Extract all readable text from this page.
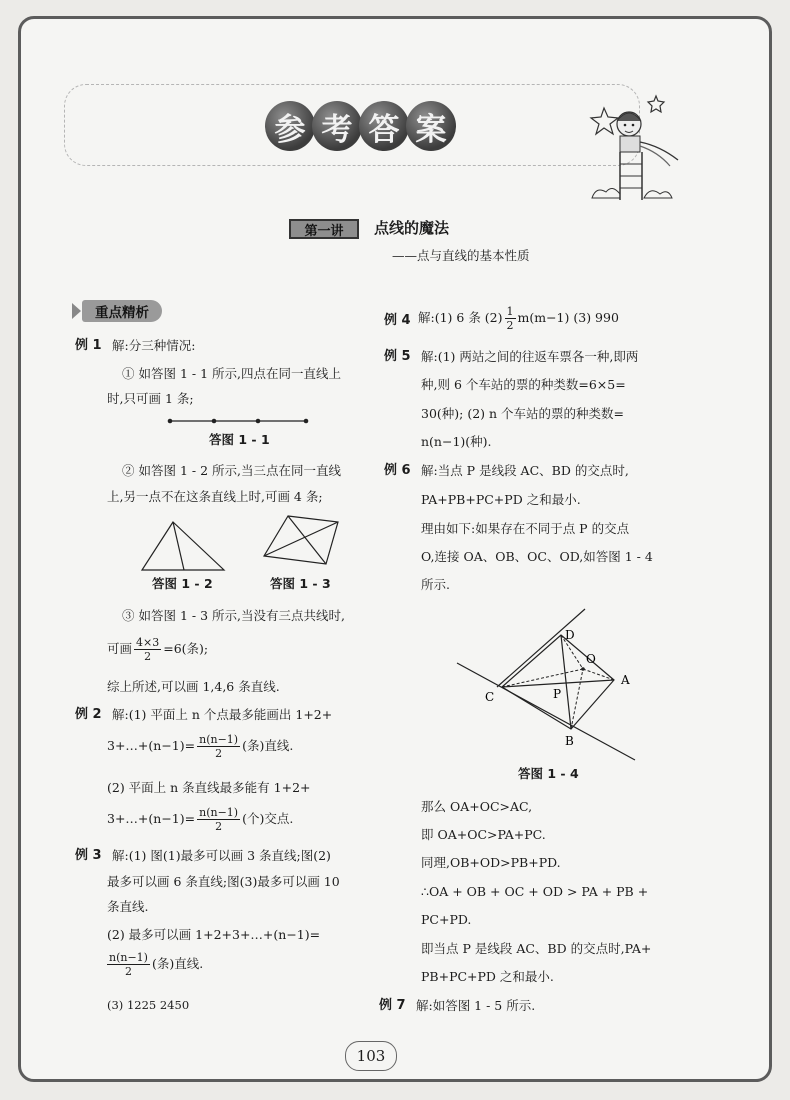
参 考 答 案
第一讲	点线的魔法
——点与直线的基本性质
重点精析
例 1 解:分三种情况:
① 如答图 1 - 1 所示,四点在同一直线上
时,只可画 1 条;
答图 1 - 1
② 如答图 1 - 2 所示,当三点在同一直线
上,另一点不在这条直线上时,可画 4 条;
答图 1 - 2	答图 1 - 3
③ 如答图 1 - 3 所示,当没有三点共线时,
可画 $\frac{4\times 3}{2} =6$(条);
综上所述,可以画 1,4,6 条直线.
例 2 解:(1) 平面上 n 个点最多能画出 1+2+
3+…+(n−1)= $\frac{n(n-1)}{2}$ (条)直线.
(2) 平面上 n 条直线最多能有 1+2+
3+…+(n−1)= $\frac{n(n-1)}{2}$ (个)交点.
例 3 解:(1) 图(1)最多可以画 3 条直线;图(2)
最多可以画 6 条直线;图(3)最多可以画 10
条直线.
(2) 最多可以画 1+2+3+…+(n−1)=
$\frac{n(n-1)}{2}$ (条)直线.
(3) 1225 2450
例 4 解:(1) 6 条 $(2) \frac{1}{2} m(m-1)$ (3) 990
例 5 解:(1) 两站之间的往返车票各一种,即两
种,则 6 个车站的票的种类数=6×5=
30(种); (2) n 个车站的票的种类数=
n(n−1)(种).
例 6 解:当点 P 是线段 AC、BD 的交点时,
PA+PB+PC+PD 之和最小.
理由如下:如果存在不同于点 P 的交点
O,连接 OA、OB、OC、OD,如答图 1 - 4
所示.
D
O
A
C	P
B
答图 1 - 4
那么 OA+OC>AC,
即 OA+OC>PA+PC.
同理,OB+OD>PB+PD.
∴OA + OB + OC + OD > PA + PB +
PC+PD.
即当点 P 是线段 AC、BD 的交点时,PA+
PB+PC+PD 之和最小.
例 7 解:如答图 1 - 5 所示.
103
